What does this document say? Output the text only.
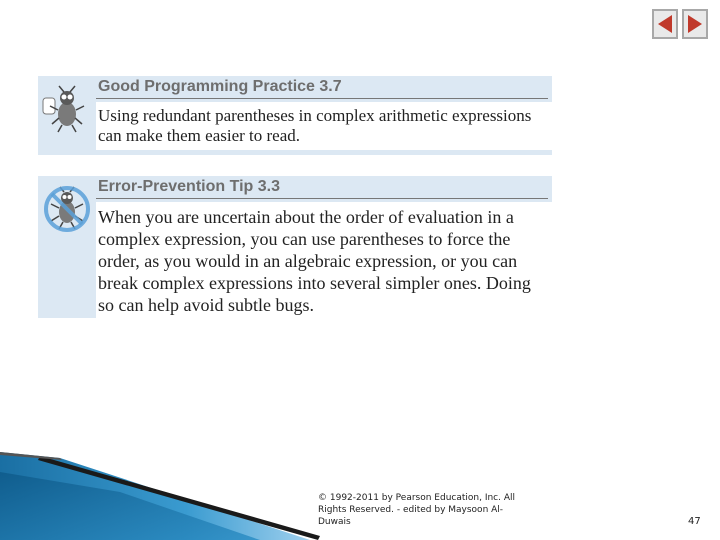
Good Programming Practice 3.7

Using redundant parentheses in complex arithmetic expressions can make them easier to read.

Error-Prevention Tip 3.3

When you are uncertain about the order of evaluation in a complex expression, you can use parentheses to force the order, as you would in an algebraic expression, or you can break complex expressions into several simpler ones. Doing so can help avoid subtle bugs.

© 1992-2011 by Pearson Education, Inc. All Rights Reserved. - edited by Maysoon Al-Duwais	47
